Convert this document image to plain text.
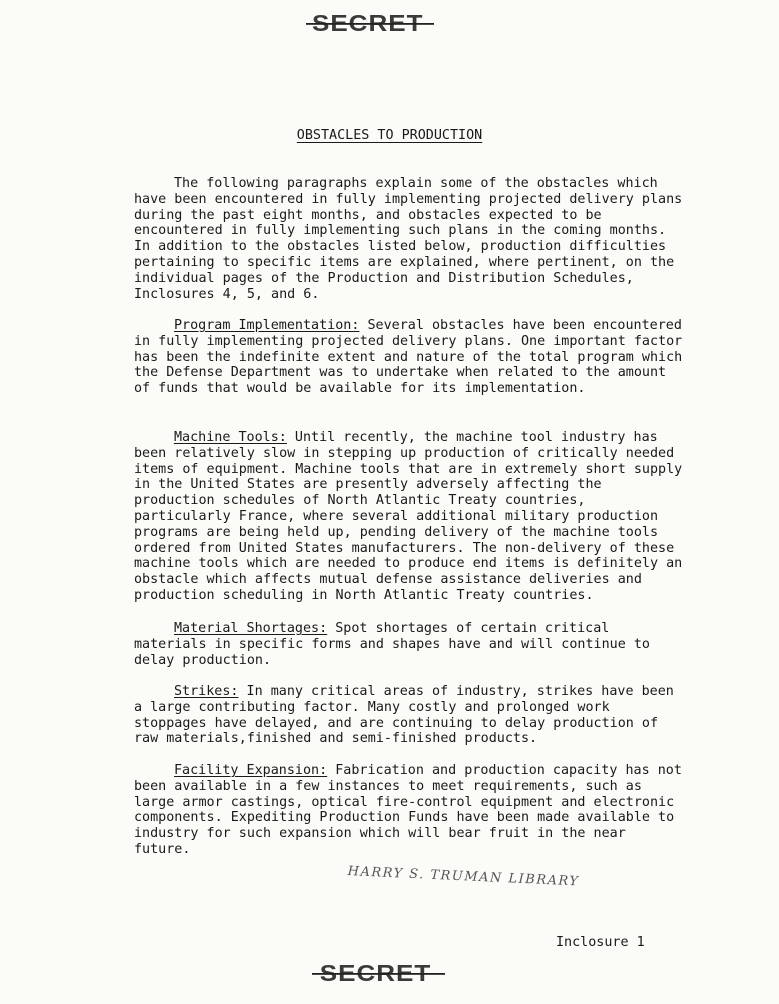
SECRET
OBSTACLES TO PRODUCTION

The following paragraphs explain some of the obstacles which have been encountered in fully implementing projected delivery plans during the past eight months, and obstacles expected to be encountered in fully implementing such plans in the coming months. In addition to the obstacles listed below, production difficulties pertaining to specific items are explained, where pertinent, on the individual pages of the Production and Distribution Schedules, Inclosures 4, 5, and 6.

Program Implementation: Several obstacles have been encountered in fully implementing projected delivery plans. One important factor has been the indefinite extent and nature of the total program which the Defense Department was to undertake when related to the amount of funds that would be available for its implementation.

Machine Tools: Until recently, the machine tool industry has been relatively slow in stepping up production of critically needed items of equipment. Machine tools that are in extremely short supply in the United States are presently adversely affecting the production schedules of North Atlantic Treaty countries, particularly France, where several additional military production programs are being held up, pending delivery of the machine tools ordered from United States manufacturers. The non-delivery of these machine tools which are needed to produce end items is definitely an obstacle which affects mutual defense assistance deliveries and production scheduling in North Atlantic Treaty countries.

Material Shortages: Spot shortages of certain critical materials in specific forms and shapes have and will continue to delay production.

Strikes: In many critical areas of industry, strikes have been a large contributing factor. Many costly and prolonged work stoppages have delayed, and are continuing to delay production of raw materials,finished and semi-finished products.

Facility Expansion: Fabrication and production capacity has not been available in a few instances to meet requirements, such as large armor castings, optical fire-control equipment and electronic components. Expediting Production Funds have been made available to industry for such expansion which will bear fruit in the near future.

HARRY S. TRUMAN LIBRARY
Inclosure 1
SECRET
